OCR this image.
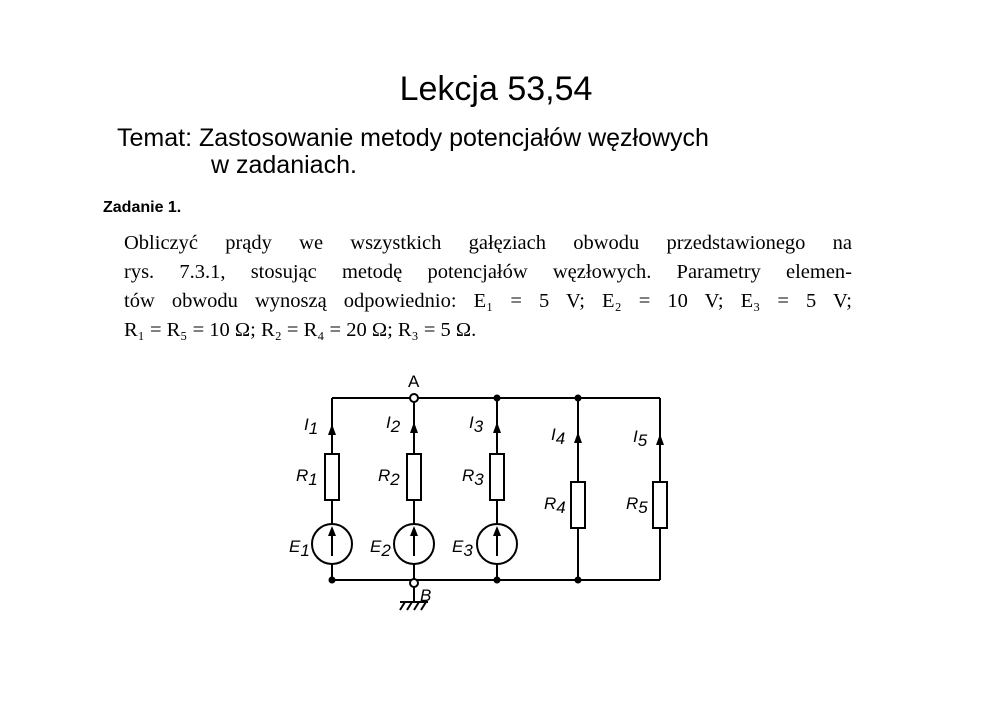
Lekcja 53,54
Temat: Zastosowanie metody potencjałów węzłowych
w zadaniach.
Zadanie 1.
Obliczyć prądy we wszystkich gałęziach obwodu przedstawionego na
rys. 7.3.1, stosując metodę potencjałów węzłowych. Parametry elemen-
tów obwodu wynoszą odpowiednio: E₁ = 5 V; E₂ = 10 V; E₃ = 5 V;
R₁ = R₅ = 10 Ω; R₂ = R₄ = 20 Ω; R₃ = 5 Ω.
A
B
I1	I2	I3	I4	I5
R1	R2	R3
R4	R5
E1	E2	E3
